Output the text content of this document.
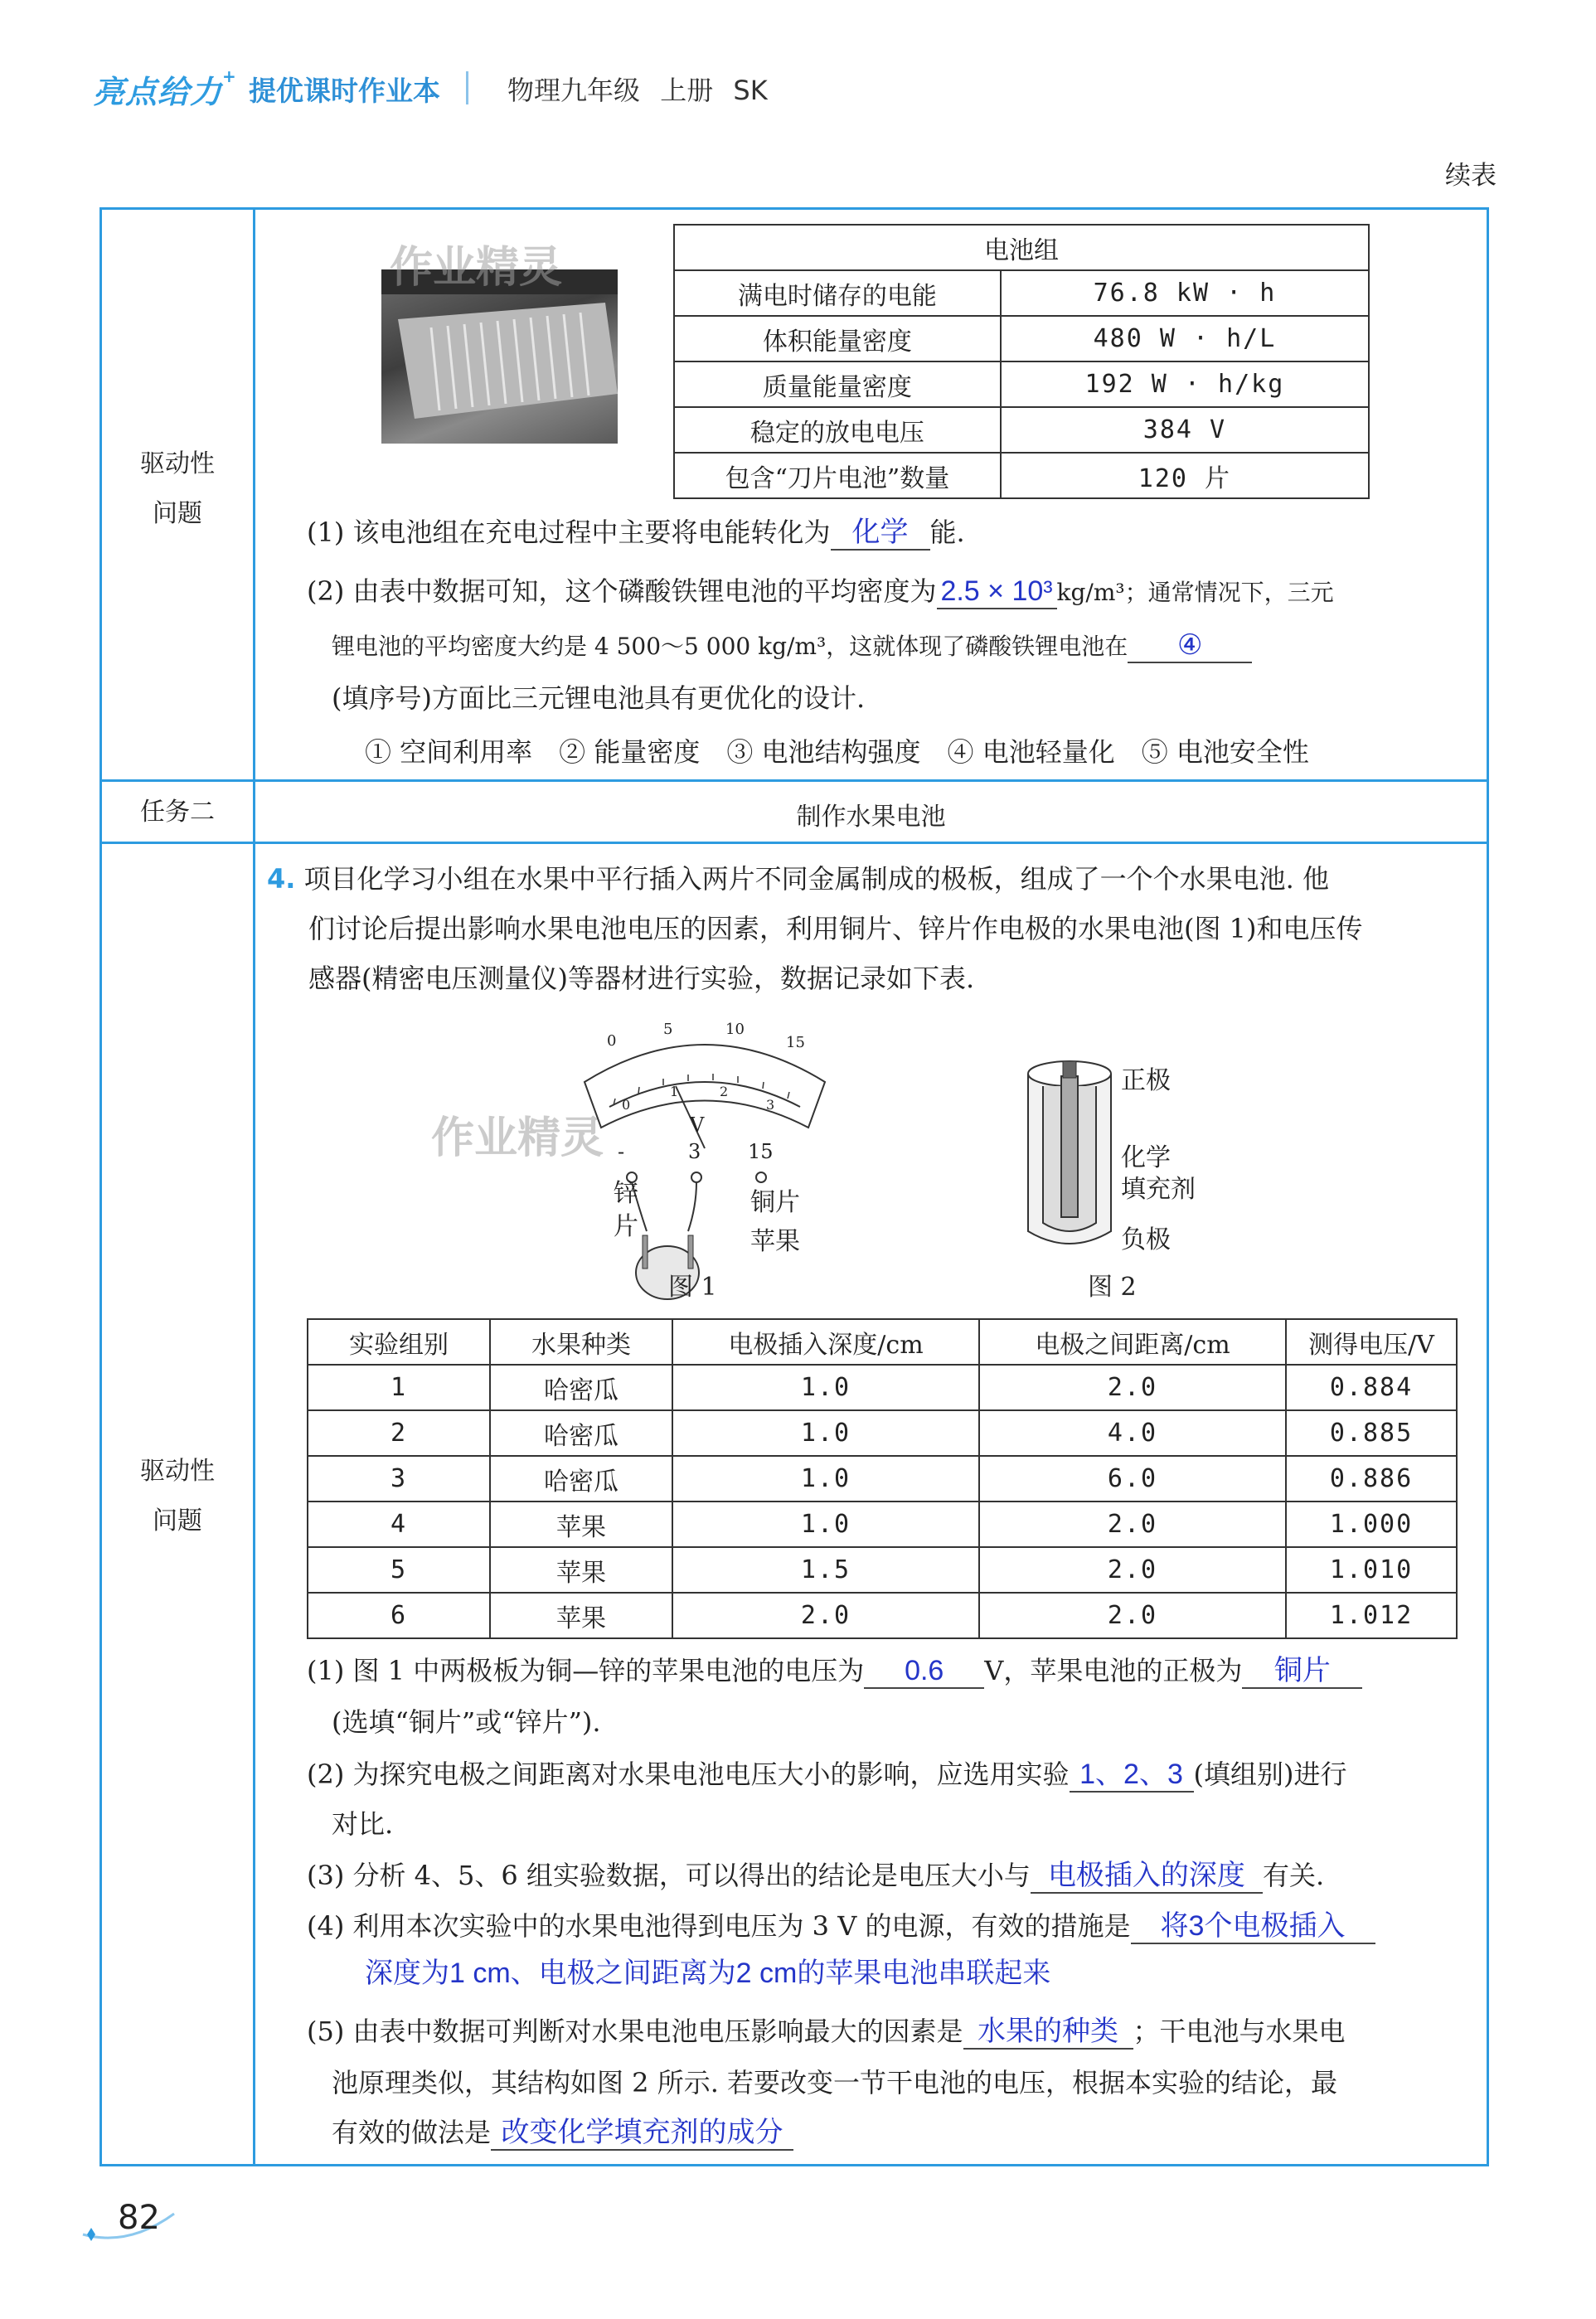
亮点给力+ 提优课时作业本	物理九年级 上册 SK
续表
驱动性
问题
驱动性
问题
任务二	制作水果电池
作业精灵	电池组	
满电时储存的电能	76.8 kW · h
体积能量密度	480 W · h/L
质量能量密度	192 W · h/kg
稳定的放电电压	384 V
包含“刀片电池”数量	120 片
(1) 该电池组在充电过程中主要将电能转化为 化学 能.
(2) 由表中数据可知，这个磷酸铁锂电池的平均密度为 2.5 × 10³ kg/m³；通常情况下，三元
锂电池的平均密度大约是 4 500～5 000 kg/m³，这就体现了磷酸铁锂电池在 ④
(填序号)方面比三元锂电池具有更优化的设计.
① 空间利用率　② 能量密度　③ 电池结构强度　④ 电池轻量化　⑤ 电池安全性
4. 项目化学习小组在水果中平行插入两片不同金属制成的极板，组成了一个个水果电池. 他
们讨论后提出影响水果电池电压的因素，利用铜片、锌片作电极的水果电池(图 1)和电压传
感器(精密电压测量仪)等器材进行实验，数据记录如下表.
0
5	10
15
0
1	2
3
V
-	3 15
锌
片
铜片
苹果
图 1
作业精灵
正极
化学
填充剂
负极
图 2
实验组别	水果种类	电极插入深度/cm	电极之间距离/cm	测得电压/V
1	哈密瓜	1.0	2.0	0.884
2	哈密瓜	1.0	4.0	0.885
3	哈密瓜	1.0	6.0	0.886
4	苹果	1.0	2.0	1.000
5	苹果	1.5	2.0	1.010
6	苹果	2.0	2.0	1.012
(1) 图 1 中两极板为铜—锌的苹果电池的电压为 0.6 V，苹果电池的正极为 铜片
(选填“铜片”或“锌片”).
(2) 为探究电极之间距离对水果电池电压大小的影响，应选用实验 1、2、3 (填组别)进行
对比.
(3) 分析 4、5、6 组实验数据，可以得出的结论是电压大小与 电极插入的深度 有关.
(4) 利用本次实验中的水果电池得到电压为 3 V 的电源，有效的措施是 将3个电极插入
深度为1 cm、电极之间距离为2 cm的苹果电池串联起来
(5) 由表中数据可判断对水果电池电压影响最大的因素是 水果的种类 ；干电池与水果电
池原理类似，其结构如图 2 所示. 若要改变一节干电池的电压，根据本实验的结论，最
有效的做法是 改变化学填充剂的成分
82
